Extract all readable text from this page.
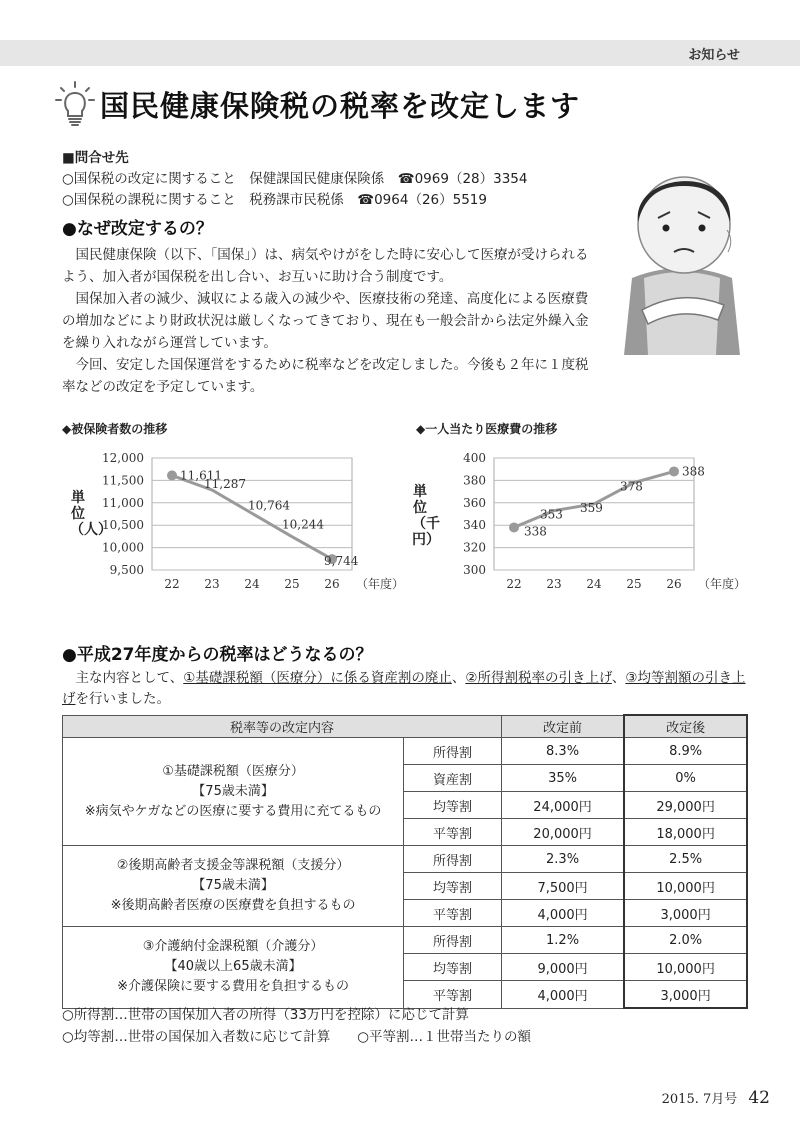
お知らせ
国民健康保険税の税率を改定します
■問合せ先
○国保税の改定に関すること　保健課国民健康保険係　☎0969（28）3354
○国保税の課税に関すること　税務課市民税係　☎0964（26）5519
●なぜ改定するの？

国民健康保険（以下、「国保」）は、病気やけがをした時に安心して医療が受けられるよう、加入者が国保税を出し合い、お互いに助け合う制度です。

国保加入者の減少、減収による歳入の減少や、医療技術の発達、高度化による医療費の増加などにより財政状況は厳しくなってきており、現在も一般会計から法定外繰入金を繰り入れながら運営しています。

今回、安定した国保運営をするために税率などを改定しました。今後も２年に１度税率などの改定を予定しています。

◆被保険者数の推移
単位（人）
12,000
11,500
11,000
10,500
10,000
9,500
22 23 24 25 26 （年度）
11,611
11,287
10,764
10,244
9,744
◆一人当たり医療費の推移
単位（千円）
400
380
360
340
320
300
22 23 24 25 26 （年度）
338
353 359
378
388
●平成27年度からの税率はどうなるの？
主な内容として、①基礎課税額（医療分）に係る資産割の廃止、②所得割税率の引き上げ、③均等割額の引き上げを行いました。
税率等の改定内容		改定前	改定後

①基礎課税額（医療分）
【75歳未満】
※病気やケガなどの医療に要する費用に充てるもの	所得割	8.3%	8.9%
	資産割	35%	0%
	均等割	24,000円	29,000円
	平等割	20,000円	18,000円

②後期高齢者支援金等課税額（支援分）
【75歳未満】
※後期高齢者医療の医療費を負担するもの	所得割	2.3%	2.5%
	均等割	7,500円	10,000円
	平等割	4,000円	3,000円

③介護納付金課税額（介護分）
【40歳以上65歳未満】
※介護保険に要する費用を負担するもの	所得割	1.2%	2.0%
	均等割	9,000円	10,000円
	平等割	4,000円	3,000円
○所得割…世帯の国保加入者の所得（33万円を控除）に応じて計算
○均等割…世帯の国保加入者数に応じて計算　　○平等割…１世帯当たりの額
2015. 7月号 42
